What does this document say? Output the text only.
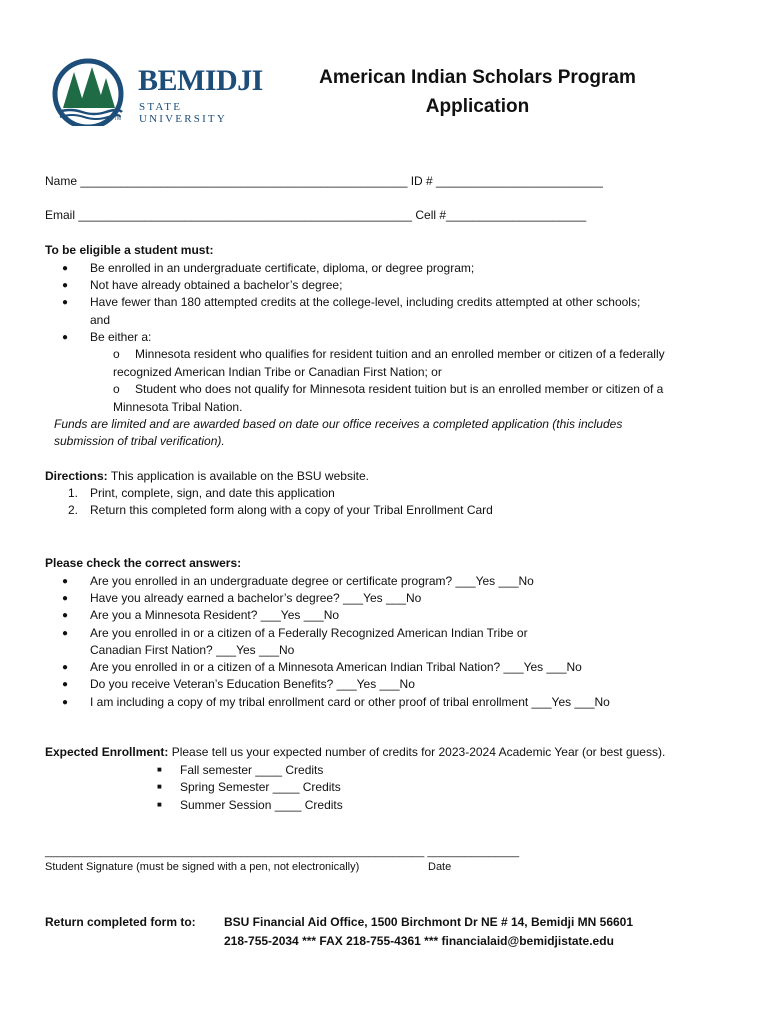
BEMIDJI
STATE UNIVERSITY
TM
American Indian Scholars Program
Application
Name _________________________________________________ ID # _________________________
Email __________________________________________________ Cell #_____________________
To be eligible a student must:
● Be enrolled in an undergraduate certificate, diploma, or degree program;
● Not have already obtained a bachelor’s degree;
● Have fewer than 180 attempted credits at the college-level, including credits attempted at other schools;
and
● Be either a:
o Minnesota resident who qualifies for resident tuition and an enrolled member or citizen of a federally
recognized American Indian Tribe or Canadian First Nation; or
o Student who does not qualify for Minnesota resident tuition but is an enrolled member or citizen of a
Minnesota Tribal Nation.
Funds are limited and are awarded based on date our office receives a completed application (this includes
submission of tribal verification).
Directions: This application is available on the BSU website.
1. Print, complete, sign, and date this application
2. Return this completed form along with a copy of your Tribal Enrollment Card
Please check the correct answers:
● Are you enrolled in an undergraduate degree or certificate program? ___Yes ___No
● Have you already earned a bachelor’s degree? ___Yes ___No
● Are you a Minnesota Resident? ___Yes ___No
● Are you enrolled in or a citizen of a Federally Recognized American Indian Tribe or
Canadian First Nation? ___Yes ___No
● Are you enrolled in or a citizen of a Minnesota American Indian Tribal Nation? ___Yes ___No
● Do you receive Veteran’s Education Benefits? ___Yes ___No
● I am including a copy of my tribal enrollment card or other proof of tribal enrollment ___Yes ___No
Expected Enrollment: Please tell us your expected number of credits for 2023-2024 Academic Year (or best guess).
■ Fall semester ____ Credits
■ Spring Semester ____ Credits
■ Summer Session ____ Credits
______________________________________________________________ _______________
Student Signature (must be signed with a pen, not electronically)	Date
Return completed form to: BSU Financial Aid Office, 1500 Birchmont Dr NE # 14, Bemidji MN 56601
218-755-2034 *** FAX 218-755-4361 *** financialaid@bemidjistate.edu
